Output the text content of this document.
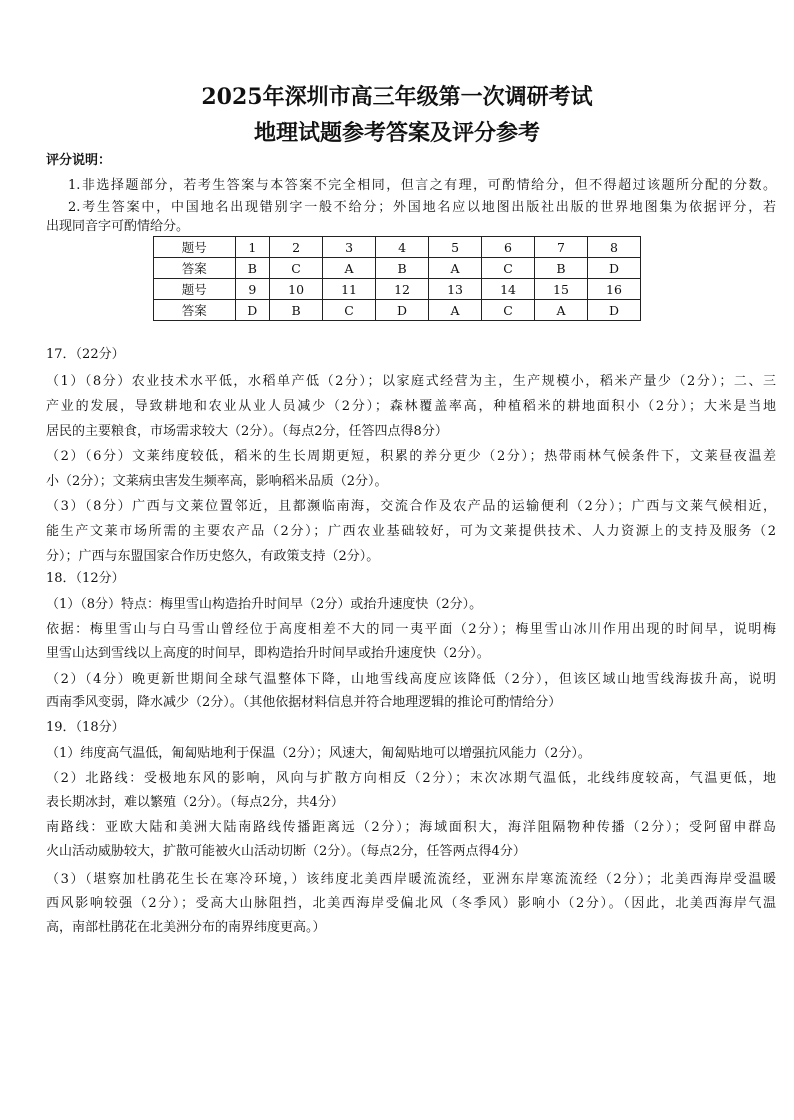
2025年深圳市高三年级第一次调研考试
地理试题参考答案及评分参考
评分说明：
1.非选择题部分，若考生答案与本答案不完全相同，但言之有理，可酌情给分，但不得超过该题所分配的分数。
2.考生答案中，中国地名出现错别字一般不给分；外国地名应以地图出版社出版的世界地图集为依据评分，若
出现同音字可酌情给分。
题号	1	2	3	4	5	6	7	8
答案	B	C	A	B	A	C	B	D
题号	9	10	11	12	13	14	15	16
答案	D	B	C	D	A	C	A	D
17．（22分）
（1）（8分）农业技术水平低，水稻单产低（2分）；以家庭式经营为主，生产规模小，稻米产量少（2分）；二、三
产业的发展，导致耕地和农业从业人员减少（2分）；森林覆盖率高，种植稻米的耕地面积小（2分）；大米是当地
居民的主要粮食，市场需求较大（2分）。（每点2分，任答四点得8分）
（2）（6分）文莱纬度较低，稻米的生长周期更短，积累的养分更少（2分）；热带雨林气候条件下，文莱昼夜温差
小（2分）；文莱病虫害发生频率高，影响稻米品质（2分）。
（3）（8分）广西与文莱位置邻近，且都濒临南海，交流合作及农产品的运输便利（2分）；广西与文莱气候相近，
能生产文莱市场所需的主要农产品（2分）；广西农业基础较好，可为文莱提供技术、人力资源上的支持及服务（2
分）；广西与东盟国家合作历史悠久，有政策支持（2分）。
18．（12分）
（1）（8分）特点：梅里雪山构造抬升时间早（2分）或抬升速度快（2分）。
依据：梅里雪山与白马雪山曾经位于高度相差不大的同一夷平面（2分）；梅里雪山冰川作用出现的时间早，说明梅
里雪山达到雪线以上高度的时间早，即构造抬升时间早或抬升速度快（2分）。
（2）（4分）晚更新世期间全球气温整体下降，山地雪线高度应该降低（2分），但该区域山地雪线海拔升高，说明
西南季风变弱，降水减少（2分）。（其他依据材料信息并符合地理逻辑的推论可酌情给分）
19．（18分）
（1）纬度高气温低，匍匐贴地利于保温（2分）；风速大，匍匐贴地可以增强抗风能力（2分）。
（2）北路线：受极地东风的影响，风向与扩散方向相反（2分）；末次冰期气温低，北线纬度较高，气温更低，地
表长期冰封，难以繁殖（2分）。（每点2分，共4分）
南路线：亚欧大陆和美洲大陆南路线传播距离远（2分）；海域面积大，海洋阻隔物种传播（2分）；受阿留申群岛
火山活动威胁较大，扩散可能被火山活动切断（2分）。（每点2分，任答两点得4分）
（3）（堪察加杜鹃花生长在寒冷环境，）该纬度北美西岸暖流流经，亚洲东岸寒流流经（2分）；北美西海岸受温暖
西风影响较强（2分）；受高大山脉阻挡，北美西海岸受偏北风（冬季风）影响小（2分）。（因此，北美西海岸气温
高，南部杜鹃花在北美洲分布的南界纬度更高。）
